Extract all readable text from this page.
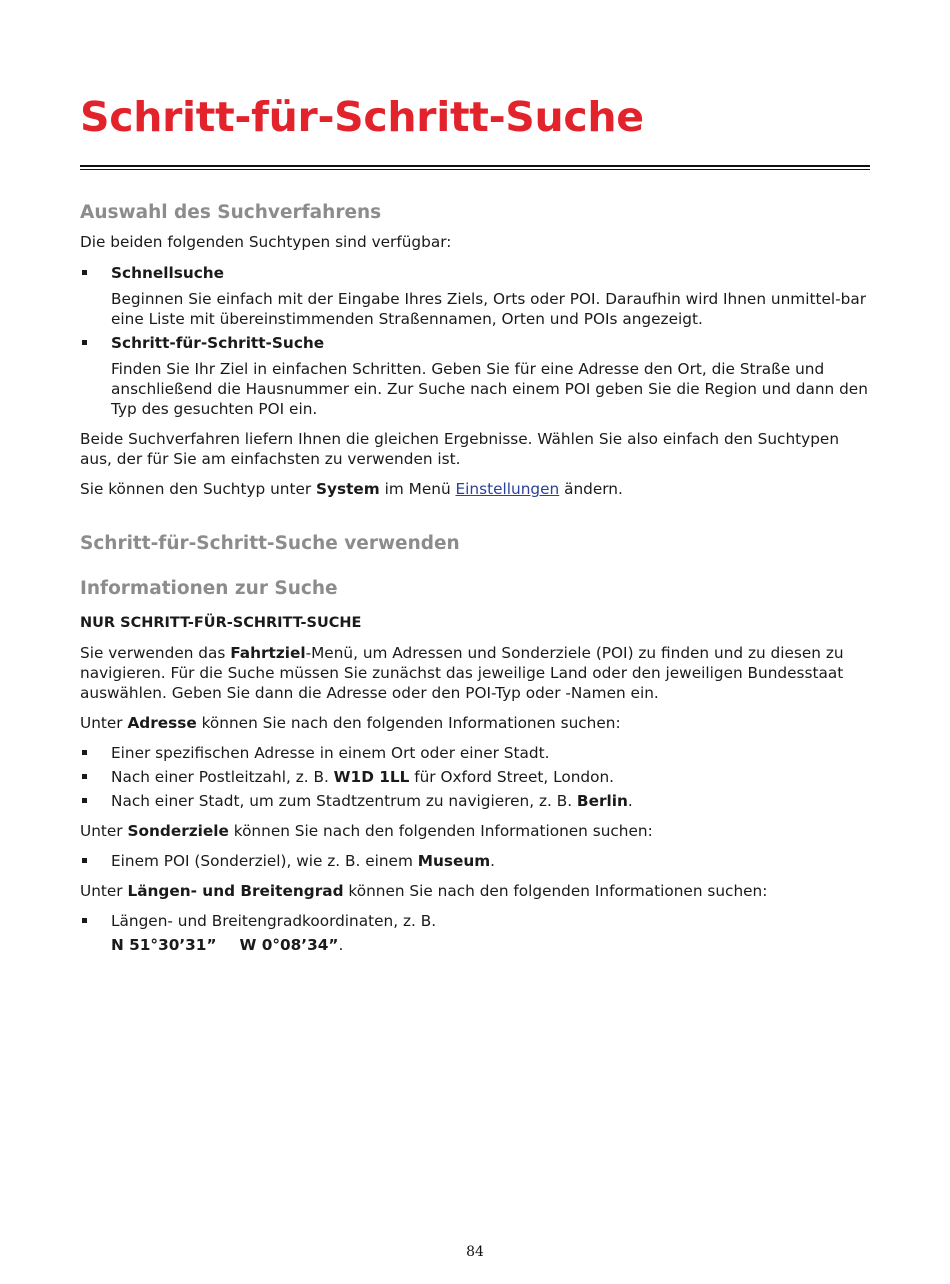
Schritt-für-Schritt-Suche
Auswahl des Suchverfahrens

Die beiden folgenden Suchtypen sind verfügbar:

Schnellsuche

Beginnen Sie einfach mit der Eingabe Ihres Ziels, Orts oder POI. Daraufhin wird Ihnen unmittel-bar eine Liste mit übereinstimmenden Straßennamen, Orten und POIs angezeigt.

Schritt-für-Schritt-Suche

Finden Sie Ihr Ziel in einfachen Schritten. Geben Sie für eine Adresse den Ort, die Straße und anschließend die Hausnummer ein. Zur Suche nach einem POI geben Sie die Region und dann den Typ des gesuchten POI ein.

Beide Suchverfahren liefern Ihnen die gleichen Ergebnisse. Wählen Sie also einfach den Suchtypen aus, der für Sie am einfachsten zu verwenden ist.

Sie können den Suchtyp unter System im Menü Einstellungen ändern.

Schritt-für-Schritt-Suche verwenden
Informationen zur Suche

NUR SCHRITT-FÜR-SCHRITT-SUCHE

Sie verwenden das Fahrtziel-Menü, um Adressen und Sonderziele (POI) zu finden und zu diesen zu navigieren. Für die Suche müssen Sie zunächst das jeweilige Land oder den jeweiligen Bundesstaat auswählen. Geben Sie dann die Adresse oder den POI-Typ oder -Namen ein.

Unter Adresse können Sie nach den folgenden Informationen suchen:

Einer spezifischen Adresse in einem Ort oder einer Stadt.
Nach einer Postleitzahl, z. B. W1D 1LL für Oxford Street, London.
Nach einer Stadt, um zum Stadtzentrum zu navigieren, z. B. Berlin.

Unter Sonderziele können Sie nach den folgenden Informationen suchen:

Einem POI (Sonderziel), wie z. B. einem Museum.

Unter Längen- und Breitengrad können Sie nach den folgenden Informationen suchen:

Längen- und Breitengradkoordinaten, z. B.

N 51°30’31” W 0°08’34”.

84
